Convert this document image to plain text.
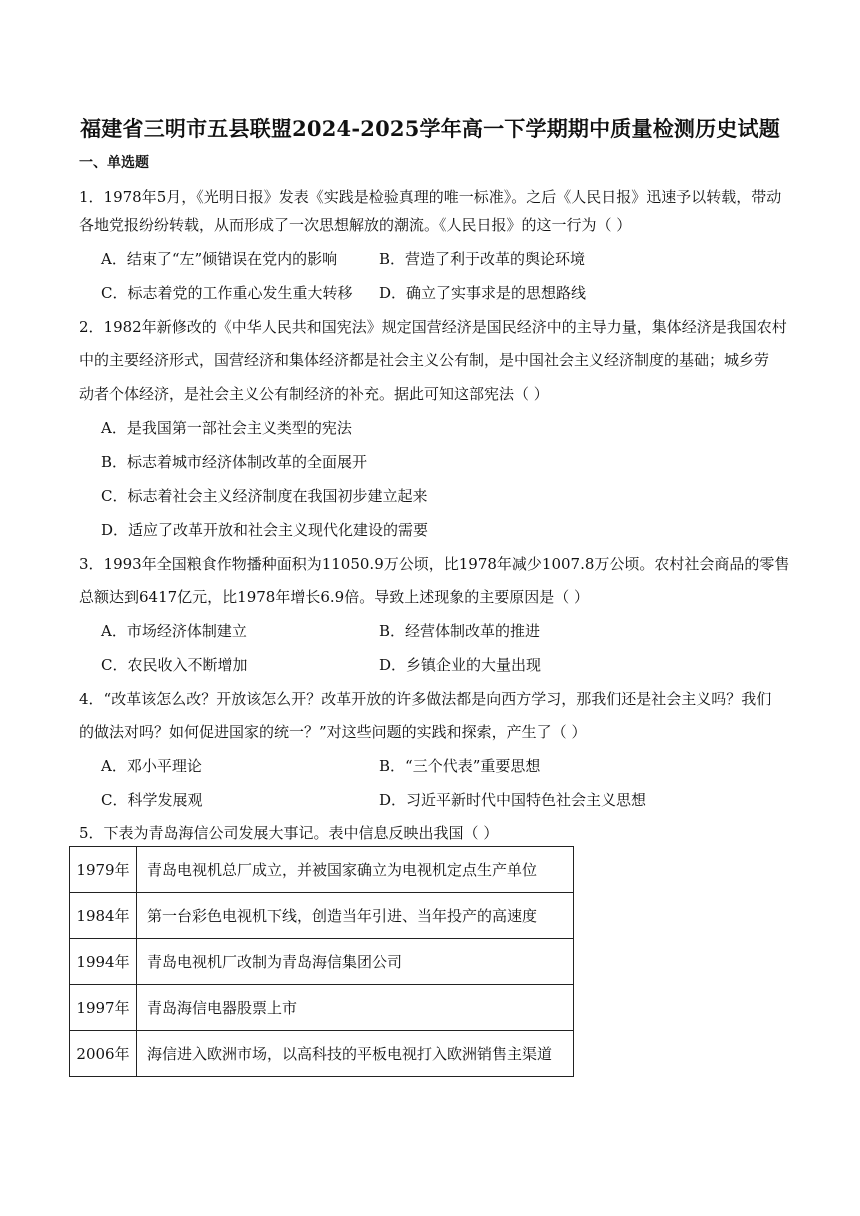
福建省三明市五县联盟2024-2025学年高一下学期期中质量检测历史试题
一、单选题
1．1978年5月，《光明日报》发表《实践是检验真理的唯一标准》。之后《人民日报》迅速予以转载，带动
各地党报纷纷转载，从而形成了一次思想解放的潮流。《人民日报》的这一行为（ ）
A．结束了“左”倾错误在党内的影响	B．营造了利于改革的舆论环境
C．标志着党的工作重心发生重大转移 D．确立了实事求是的思想路线
2．1982年新修改的《中华人民共和国宪法》规定国营经济是国民经济中的主导力量，集体经济是我国农村
中的主要经济形式，国营经济和集体经济都是社会主义公有制，是中国社会主义经济制度的基础；城乡劳
动者个体经济，是社会主义公有制经济的补充。据此可知这部宪法（ ）
A．是我国第一部社会主义类型的宪法
B．标志着城市经济体制改革的全面展开
C．标志着社会主义经济制度在我国初步建立起来
D．适应了改革开放和社会主义现代化建设的需要
3．1993年全国粮食作物播种面积为11050.9万公顷，比1978年减少1007.8万公顷。农村社会商品的零售
总额达到6417亿元，比1978年增长6.9倍。导致上述现象的主要原因是（ ）
A．市场经济体制建立	B．经营体制改革的推进
C．农民收入不断增加	D．乡镇企业的大量出现
4．“改革该怎么改？开放该怎么开？改革开放的许多做法都是向西方学习，那我们还是社会主义吗？我们
的做法对吗？如何促进国家的统一？”对这些问题的实践和探索，产生了（ ）
A．邓小平理论	B．“三个代表”重要思想
C．科学发展观	D．习近平新时代中国特色社会主义思想
5．下表为青岛海信公司发展大事记。表中信息反映出我国（ ）
1979年	青岛电视机总厂成立，并被国家确立为电视机定点生产单位
1984年	第一台彩色电视机下线，创造当年引进、当年投产的高速度
1994年	青岛电视机厂改制为青岛海信集团公司
1997年	青岛海信电器股票上市
2006年	海信进入欧洲市场，以高科技的平板电视打入欧洲销售主渠道
